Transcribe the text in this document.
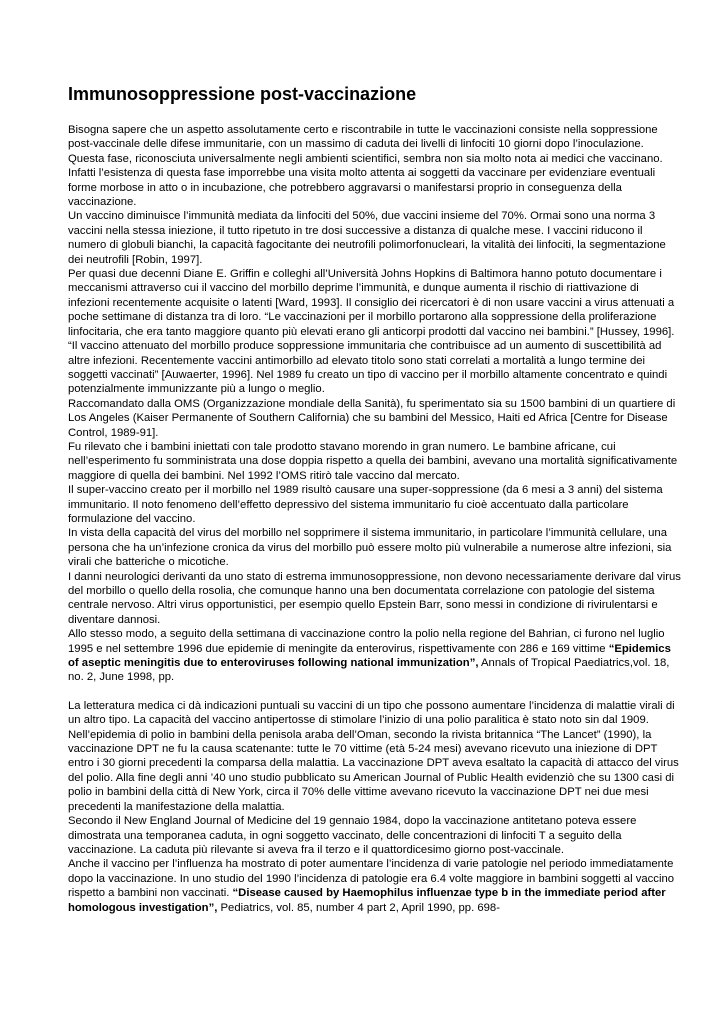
Immunosoppressione post-vaccinazione

Bisogna sapere che un aspetto assolutamente certo e riscontrabile in tutte le vaccinazioni consiste nella soppressione post-vaccinale delle difese immunitarie, con un massimo di caduta dei livelli di linfociti 10 giorni dopo l’inoculazione. Questa fase, riconosciuta universalmente negli ambienti scientifici, sembra non sia molto nota ai medici che vaccinano. Infatti l’esistenza di questa fase imporrebbe una visita molto attenta ai soggetti da vaccinare per evidenziare eventuali forme morbose in atto o in incubazione, che potrebbero aggravarsi o manifestarsi proprio in conseguenza della vaccinazione.

Un vaccino diminuisce l’immunità mediata da linfociti del 50%, due vaccini insieme del 70%. Ormai sono una norma 3 vaccini nella stessa iniezione, il tutto ripetuto in tre dosi successive a distanza di qualche mese. I vaccini riducono il numero di globuli bianchi, la capacità fagocitante dei neutrofili polimorfonucleari, la vitalità dei linfociti, la segmentazione dei neutrofili [Robin, 1997].

Per quasi due decenni Diane E. Griffin e colleghi all’Università Johns Hopkins di Baltimora hanno potuto documentare i meccanismi attraverso cui il vaccino del morbillo deprime l’immunità, e dunque aumenta il rischio di riattivazione di infezioni recentemente acquisite o latenti [Ward, 1993]. Il consiglio dei ricercatori è di non usare vaccini a virus attenuati a poche settimane di distanza tra di loro. “Le vaccinazioni per il morbillo portarono alla soppressione della proliferazione linfocitaria, che era tanto maggiore quanto più elevati erano gli anticorpi prodotti dal vaccino nei bambini.” [Hussey, 1996].

“Il vaccino attenuato del morbillo produce soppressione immunitaria che contribuisce ad un aumento di suscettibilità ad altre infezioni. Recentemente vaccini antimorbillo ad elevato titolo sono stati correlati a mortalità a lungo termine dei soggetti vaccinati” [Auwaerter, 1996]. Nel 1989 fu creato un tipo di vaccino per il morbillo altamente concentrato e quindi potenzialmente immunizzante più a lungo o meglio.

Raccomandato dalla OMS (Organizzazione mondiale della Sanità), fu sperimentato sia su 1500 bambini di un quartiere di Los Angeles (Kaiser Permanente of Southern California) che su bambini del Messico, Haiti ed Africa [Centre for Disease Control, 1989-91].

Fu rilevato che i bambini iniettati con tale prodotto stavano morendo in gran numero. Le bambine africane, cui nell’esperimento fu somministrata una dose doppia rispetto a quella dei bambini, avevano una mortalità significativamente maggiore di quella dei bambini. Nel 1992 l’OMS ritirò tale vaccino dal mercato.

Il super-vaccino creato per il morbillo nel 1989 risultò causare una super-soppressione (da 6 mesi a 3 anni) del sistema immunitario. Il noto fenomeno dell’effetto depressivo del sistema immunitario fu cioè accentuato dalla particolare formulazione del vaccino.

In vista della capacità del virus del morbillo nel sopprimere il sistema immunitario, in particolare l’immunità cellulare, una persona che ha un’infezione cronica da virus del morbillo può essere molto più vulnerabile a numerose altre infezioni, sia virali che batteriche o micotiche.

I danni neurologici derivanti da uno stato di estrema immunosoppressione, non devono necessariamente derivare dal virus del morbillo o quello della rosolia, che comunque hanno una ben documentata correlazione con patologie del sistema centrale nervoso. Altri virus opportunistici, per esempio quello Epstein Barr, sono messi in condizione di rivirulentarsi e diventare dannosi.

Allo stesso modo, a seguito della settimana di vaccinazione contro la polio nella regione del Bahrian, ci furono nel luglio 1995 e nel settembre 1996 due epidemie di meningite da enterovirus, rispettivamente con 286 e 169 vittime “Epidemics of aseptic meningitis due to enteroviruses following national immunization”, Annals of Tropical Paediatrics,vol. 18, no. 2, June 1998, pp.

La letteratura medica ci dà indicazioni puntuali su vaccini di un tipo che possono aumentare l’incidenza di malattie virali di un altro tipo. La capacità del vaccino antipertosse di stimolare l’inizio di una polio paralitica è stato noto sin dal 1909. Nell’epidemia di polio in bambini della penisola araba dell’Oman, secondo la rivista britannica “The Lancet” (1990), la vaccinazione DPT ne fu la causa scatenante: tutte le 70 vittime (età 5-24 mesi) avevano ricevuto una iniezione di DPT entro i 30 giorni precedenti la comparsa della malattia. La vaccinazione DPT aveva esaltato la capacità di attacco del virus del polio. Alla fine degli anni ’40 uno studio pubblicato su American Journal of Public Health evidenziò che su 1300 casi di polio in bambini della città di New York, circa il 70% delle vittime avevano ricevuto la vaccinazione DPT nei due mesi precedenti la manifestazione della malattia.

Secondo il New England Journal of Medicine del 19 gennaio 1984, dopo la vaccinazione antitetano poteva essere dimostrata una temporanea caduta, in ogni soggetto vaccinato, delle concentrazioni di linfociti T a seguito della vaccinazione. La caduta più rilevante si aveva fra il terzo e il quattordicesimo giorno post-vaccinale.

Anche il vaccino per l’influenza ha mostrato di poter aumentare l’incidenza di varie patologie nel periodo immediatamente dopo la vaccinazione. In uno studio del 1990 l’incidenza di patologie era 6.4 volte maggiore in bambini soggetti al vaccino rispetto a bambini non vaccinati. “Disease caused by Haemophilus influenzae type b in the immediate period after homologous investigation”, Pediatrics, vol. 85, number 4 part 2, April 1990, pp. 698-
